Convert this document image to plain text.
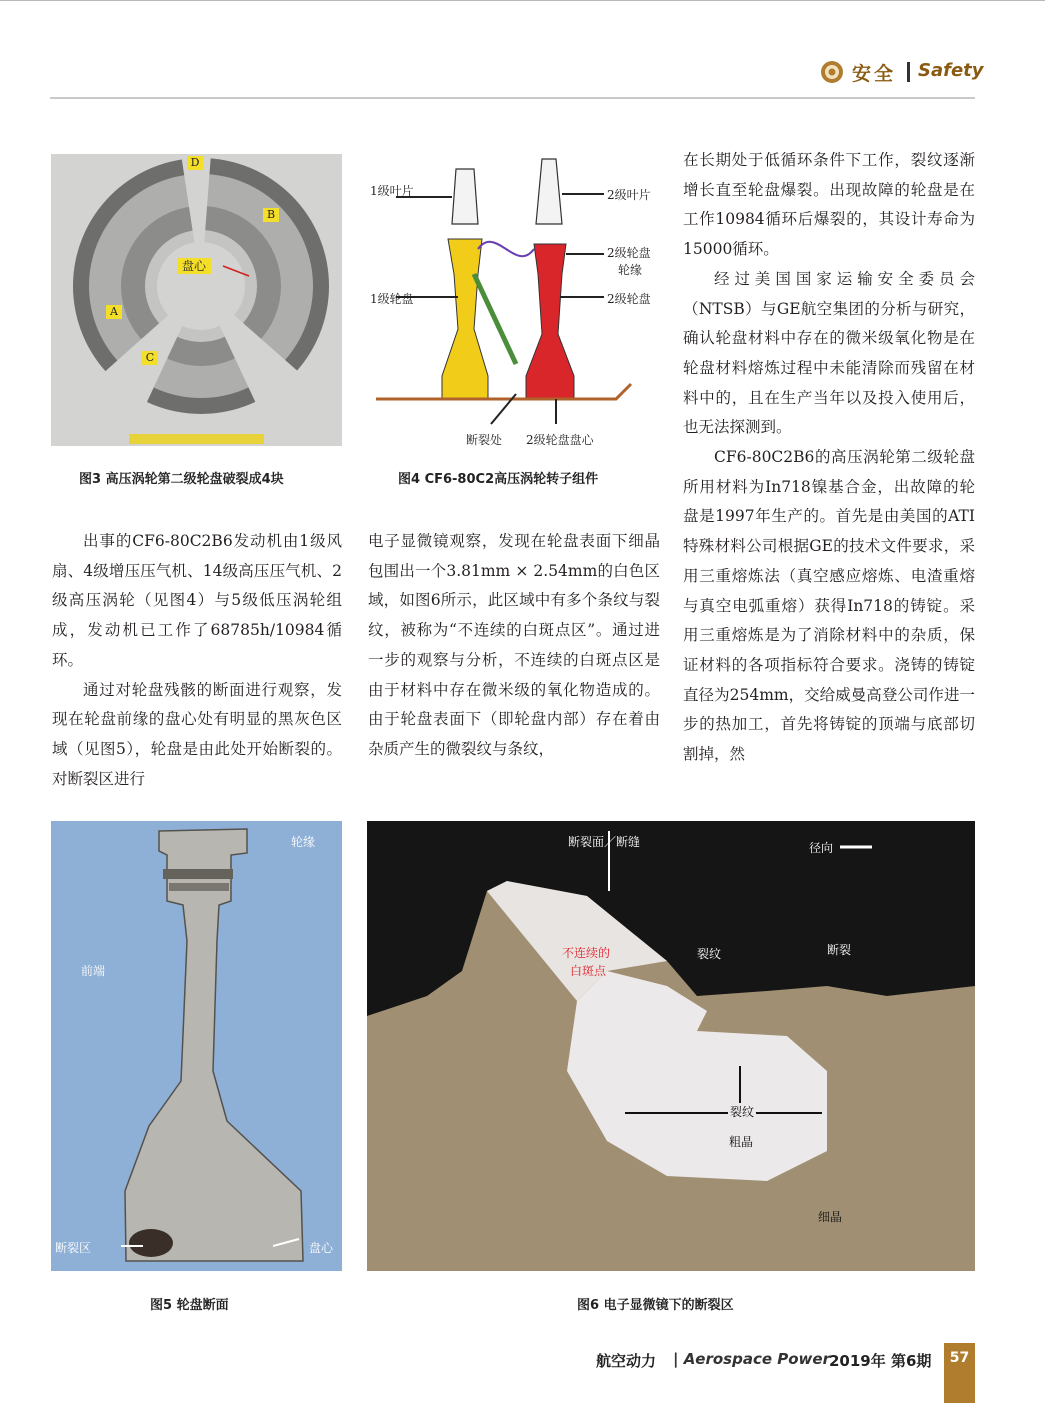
安全 Safety
D
B
A
C
盘心
图3 高压涡轮第二级轮盘破裂成4块
1级叶片	2级叶片
2级轮盘
轮缘
1级轮盘	2级轮盘
断裂处 2级轮盘盘心
图4 CF6-80C2高压涡轮转子组件

出事的CF6-80C2B6发动机由1级风扇、4级增压压气机、14级高压压气机、2级高压涡轮（见图4）与5级低压涡轮组成，发动机已工作了68785h/10984循环。

通过对轮盘残骸的断面进行观察，发现在轮盘前缘的盘心处有明显的黑灰色区域（见图5），轮盘是由此处开始断裂的。对断裂区进行

电子显微镜观察，发现在轮盘表面下细晶包围出一个3.81mm × 2.54mm的白色区域，如图6所示，此区域中有多个条纹与裂纹，被称为“不连续的白斑点区”。通过进一步的观察与分析，不连续的白斑点区是由于材料中存在微米级的氧化物造成的。由于轮盘表面下（即轮盘内部）存在着由杂质产生的微裂纹与条纹，

在长期处于低循环条件下工作，裂纹逐渐增长直至轮盘爆裂。出现故障的轮盘是在工作10984循环后爆裂的，其设计寿命为15000循环。

经过美国国家运输安全委员会（NTSB）与GE航空集团的分析与研究，确认轮盘材料中存在的微米级氧化物是在轮盘材料熔炼过程中未能清除而残留在材料中的，且在生产当年以及投入使用后，也无法探测到。

CF6-80C2B6的高压涡轮第二级轮盘所用材料为In718镍基合金，出故障的轮盘是1997年生产的。首先是由美国的ATI 特殊材料公司根据GE的技术文件要求，采用三重熔炼法（真空感应熔炼、电渣重熔与真空电弧重熔）获得In718的铸锭。采用三重熔炼是为了消除材料中的杂质，保证材料的各项指标符合要求。浇铸的铸锭直径为254mm，交给威曼高登公司作进一步的热加工，首先将铸锭的顶端与底部切割掉，然

轮缘
前端
断裂区	盘心
图5 轮盘断面
断裂面／断缝	径向
不连续的
白斑点
裂纹	断裂
裂纹
粗晶
细晶
图6 电子显微镜下的断裂区
航空动力 | Aerospace Power 2019年 第6期	57
